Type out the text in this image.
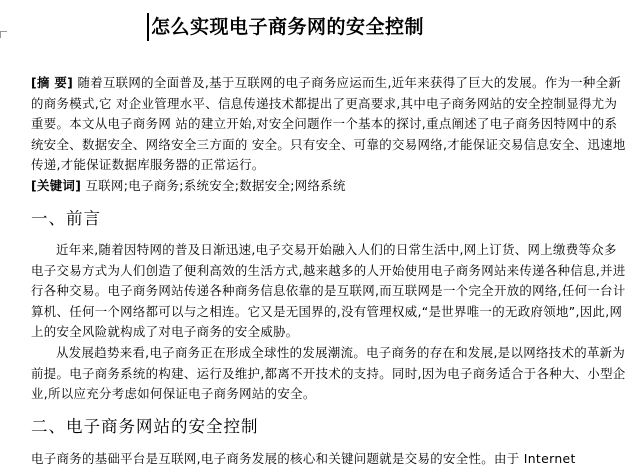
怎么实现电子商务网的安全控制

[摘 要] 随着互联网的全面普及,基于互联网的电子商务应运而生,近年来获得了巨大的发展。作为一种全新的商务模式,它 对企业管理水平、信息传递技术都提出了更高要求,其中电子商务网站的安全控制显得尤为重要。本文从电子商务网 站的建立开始,对安全问题作一个基本的探讨,重点阐述了电子商务因特网中的系统安全、数据安全、网络安全三方面的 安全。只有安全、可靠的交易网络,才能保证交易信息安全、迅速地传递,才能保证数据库服务器的正常运行。

[关键词] 互联网;电子商务;系统安全;数据安全;网络系统
一、前言

近年来,随着因特网的普及日渐迅速,电子交易开始融入人们的日常生活中,网上订货、网上缴费等众多电子交易方式为人们创造了便利高效的生活方式,越来越多的人开始使用电子商务网站来传递各种信息,并进行各种交易。电子商务网站传递各种商务信息依靠的是互联网,而互联网是一个完全开放的网络,任何一台计算机、任何一个网络都可以与之相连。它又是无国界的,没有管理权威,“是世界唯一的无政府领地”,因此,网上的安全风险就构成了对电子商务的安全威胁。

从发展趋势来看,电子商务正在形成全球性的发展潮流。电子商务的存在和发展,是以网络技术的革新为前提。电子商务系统的构建、运行及维护,都离不开技术的支持。同时,因为电子商务适合于各种大、小型企业,所以应充分考虑如何保证电子商务网站的安全。

二、电子商务网站的安全控制
电子商务的基础平台是互联网,电子商务发展的核心和关键问题就是交易的安全性。由于 Internet
